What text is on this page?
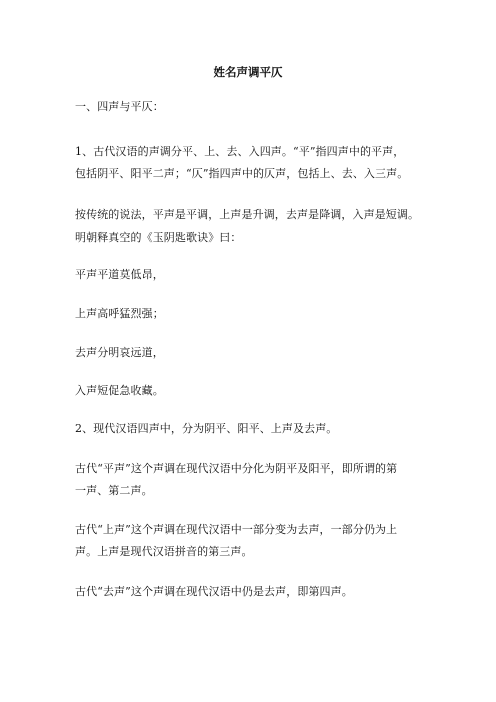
姓名声调平仄
一、四声与平仄：
1、古代汉语的声调分平、上、去、入四声。“平”指四声中的平声，
包括阴平、阳平二声；“仄”指四声中的仄声，包括上、去、入三声。
按传统的说法，平声是平调，上声是升调，去声是降调，入声是短调。
明朝释真空的《玉阴匙歌诀》曰：
平声平道莫低昂，
上声高呼猛烈强；
去声分明哀远道，
入声短促急收藏。
2、现代汉语四声中，分为阴平、阳平、上声及去声。
古代“平声”这个声调在现代汉语中分化为阴平及阳平，即所谓的第
一声、第二声。
古代“上声”这个声调在现代汉语中一部分变为去声，一部分仍为上
声。上声是现代汉语拼音的第三声。
古代“去声”这个声调在现代汉语中仍是去声，即第四声。
